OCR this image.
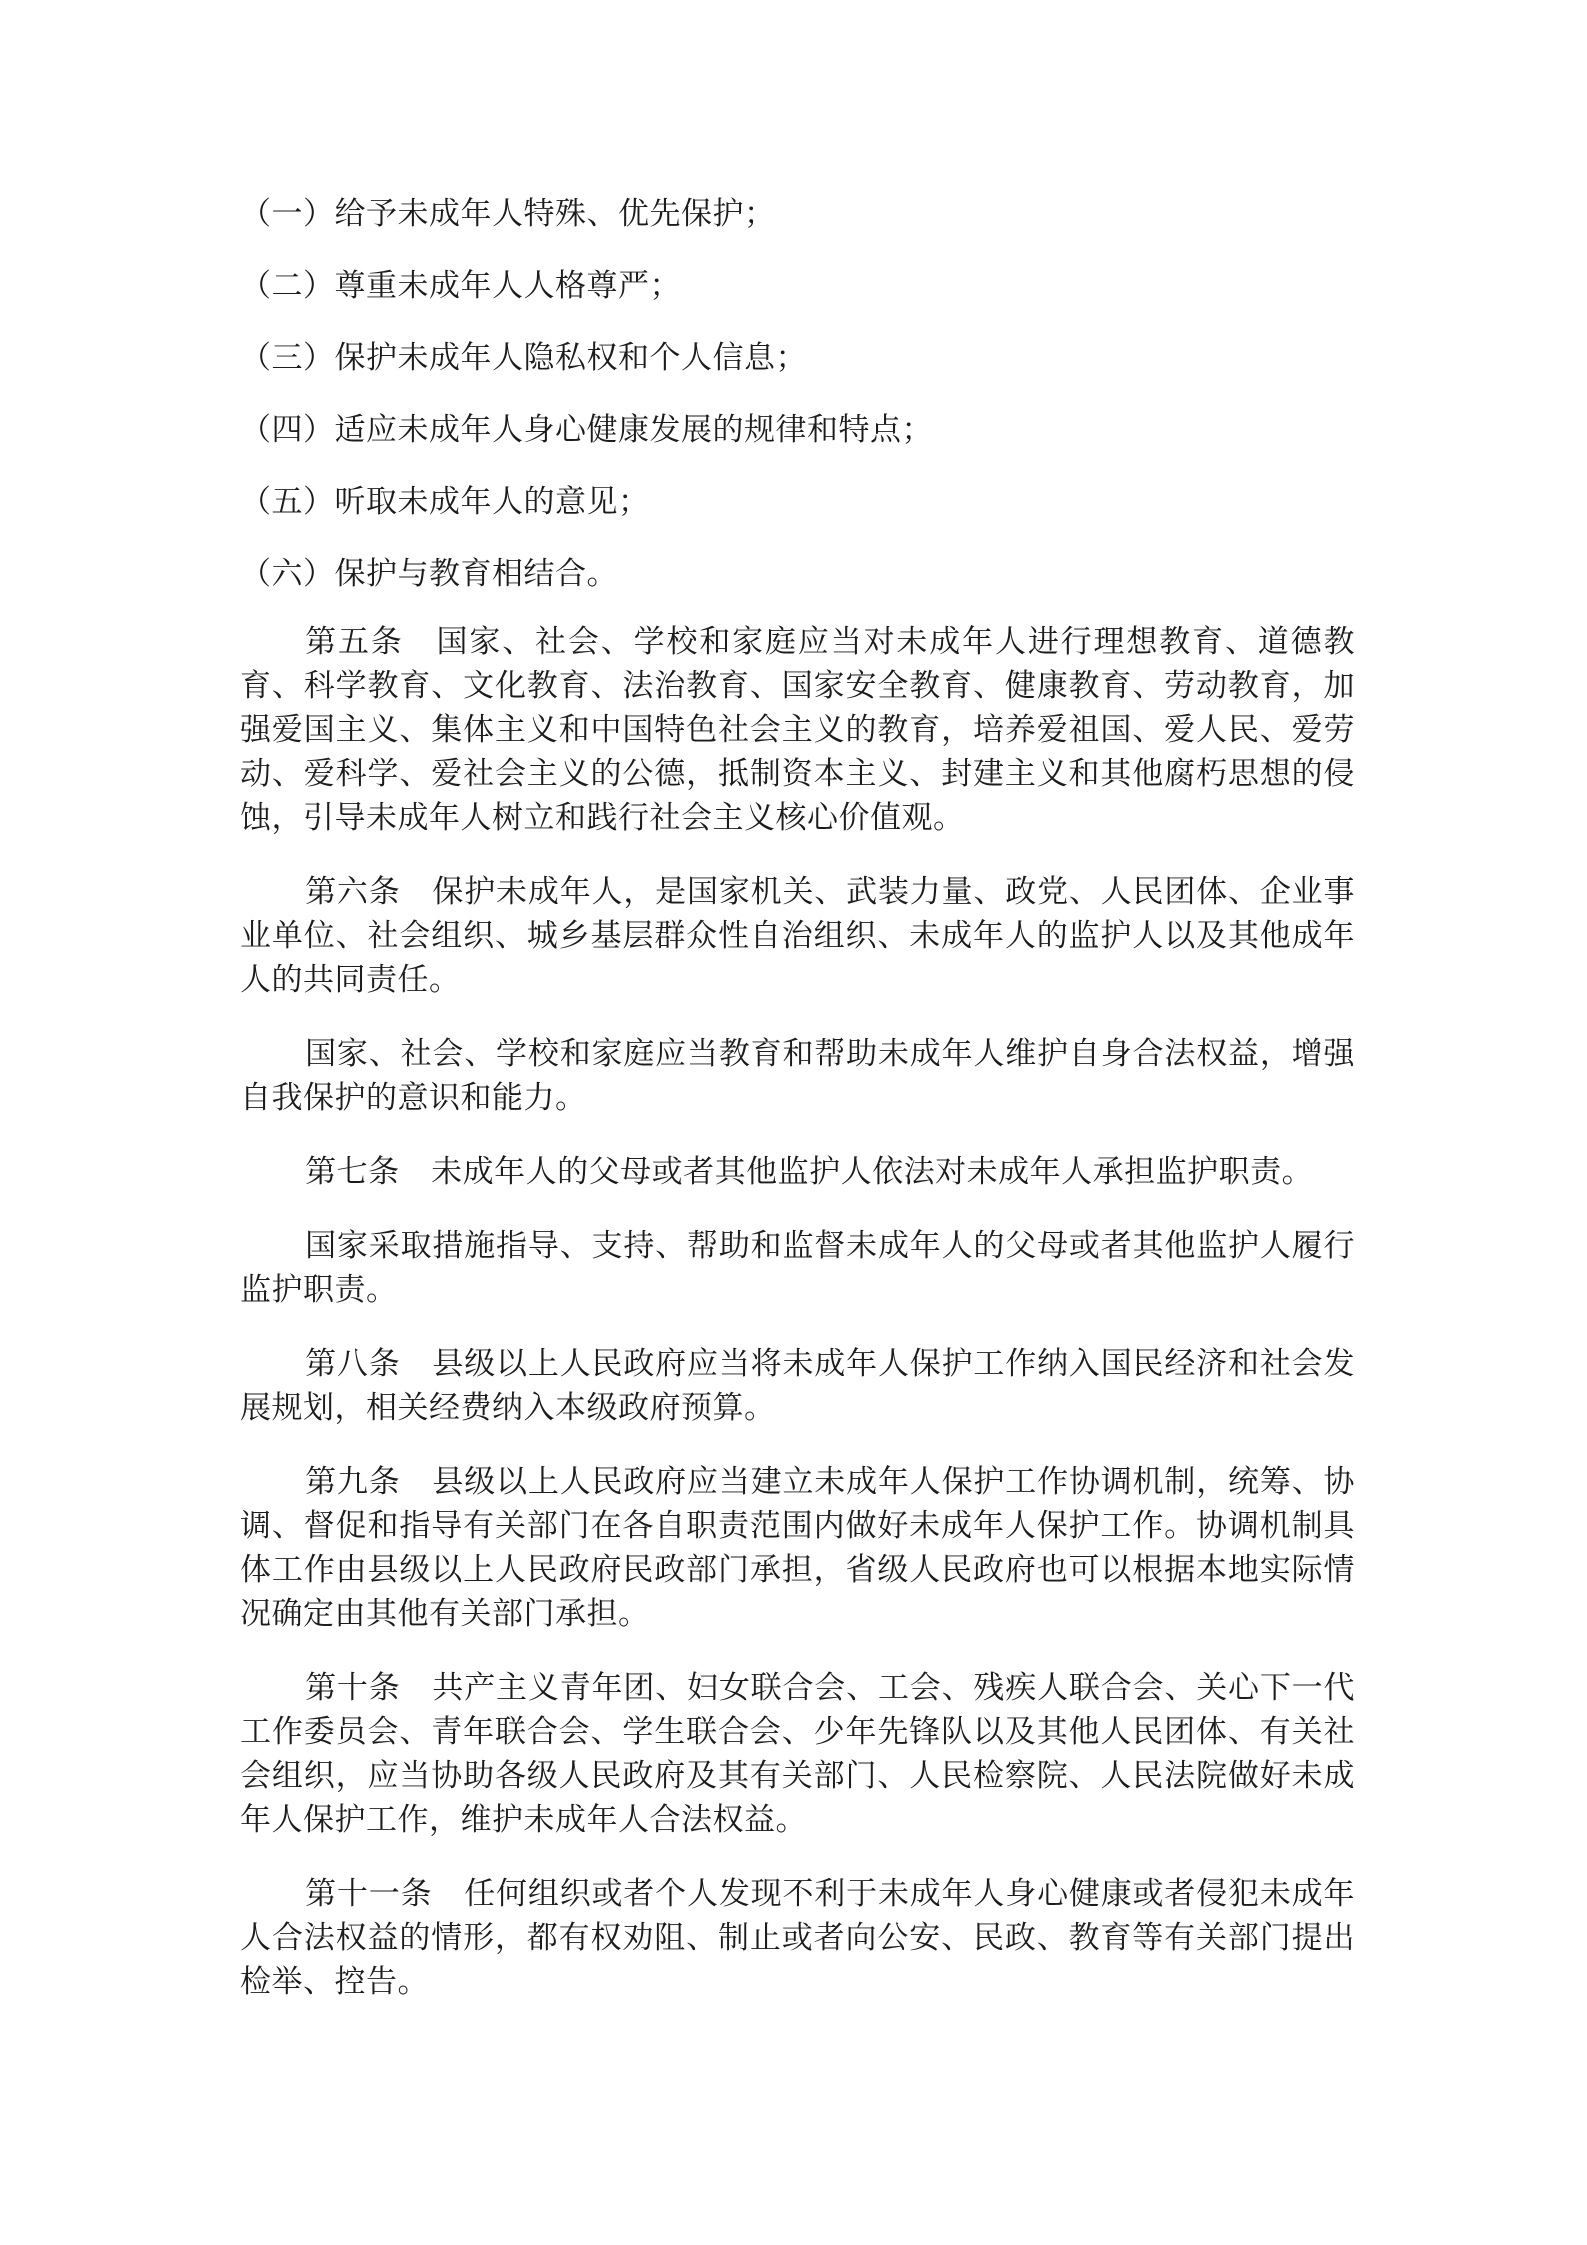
（一）给予未成年人特殊、优先保护；

（二）尊重未成年人人格尊严；

（三）保护未成年人隐私权和个人信息；

（四）适应未成年人身心健康发展的规律和特点；

（五）听取未成年人的意见；

（六）保护与教育相结合。

第五条　国家、社会、学校和家庭应当对未成年人进行理想教育、道德教育、科学教育、文化教育、法治教育、国家安全教育、健康教育、劳动教育，加强爱国主义、集体主义和中国特色社会主义的教育，培养爱祖国、爱人民、爱劳动、爱科学、爱社会主义的公德，抵制资本主义、封建主义和其他腐朽思想的侵蚀，引导未成年人树立和践行社会主义核心价值观。

第六条　保护未成年人，是国家机关、武装力量、政党、人民团体、企业事业单位、社会组织、城乡基层群众性自治组织、未成年人的监护人以及其他成年人的共同责任。

国家、社会、学校和家庭应当教育和帮助未成年人维护自身合法权益，增强自我保护的意识和能力。

第七条　未成年人的父母或者其他监护人依法对未成年人承担监护职责。

国家采取措施指导、支持、帮助和监督未成年人的父母或者其他监护人履行监护职责。

第八条　县级以上人民政府应当将未成年人保护工作纳入国民经济和社会发展规划，相关经费纳入本级政府预算。

第九条　县级以上人民政府应当建立未成年人保护工作协调机制，统筹、协调、督促和指导有关部门在各自职责范围内做好未成年人保护工作。协调机制具体工作由县级以上人民政府民政部门承担，省级人民政府也可以根据本地实际情况确定由其他有关部门承担。

第十条　共产主义青年团、妇女联合会、工会、残疾人联合会、关心下一代工作委员会、青年联合会、学生联合会、少年先锋队以及其他人民团体、有关社会组织，应当协助各级人民政府及其有关部门、人民检察院、人民法院做好未成年人保护工作，维护未成年人合法权益。

第十一条　任何组织或者个人发现不利于未成年人身心健康或者侵犯未成年人合法权益的情形，都有权劝阻、制止或者向公安、民政、教育等有关部门提出检举、控告。
